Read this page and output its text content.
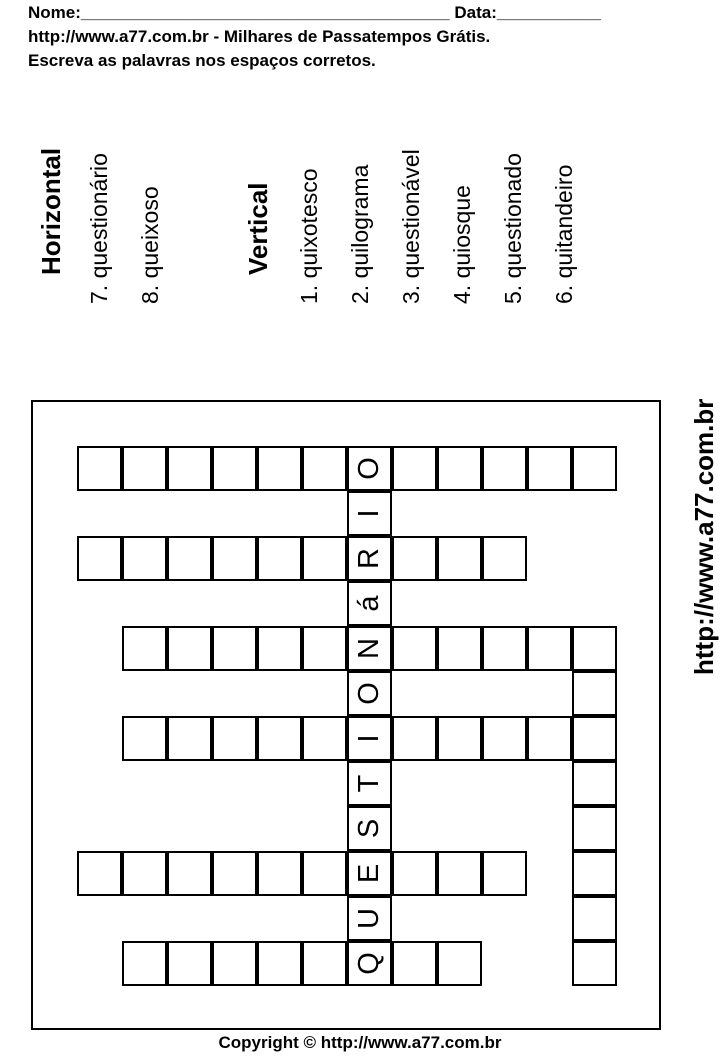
Nome:_______________________________________ Data:___________
http://www.a77.com.br - Milhares de Passatempos Grátis.
Escreva as palavras nos espaços corretos.
Horizontal 7. questionário 8. queixoso	Vertical 1. quixotesco 2. quilograma 3. questionável 4. quiosque 5. questionado 6. quitandeiro
http://www.a77.com.br
O
I
R
á
N
O
I
T
S
E
U
Q
Copyright © http://www.a77.com.br
